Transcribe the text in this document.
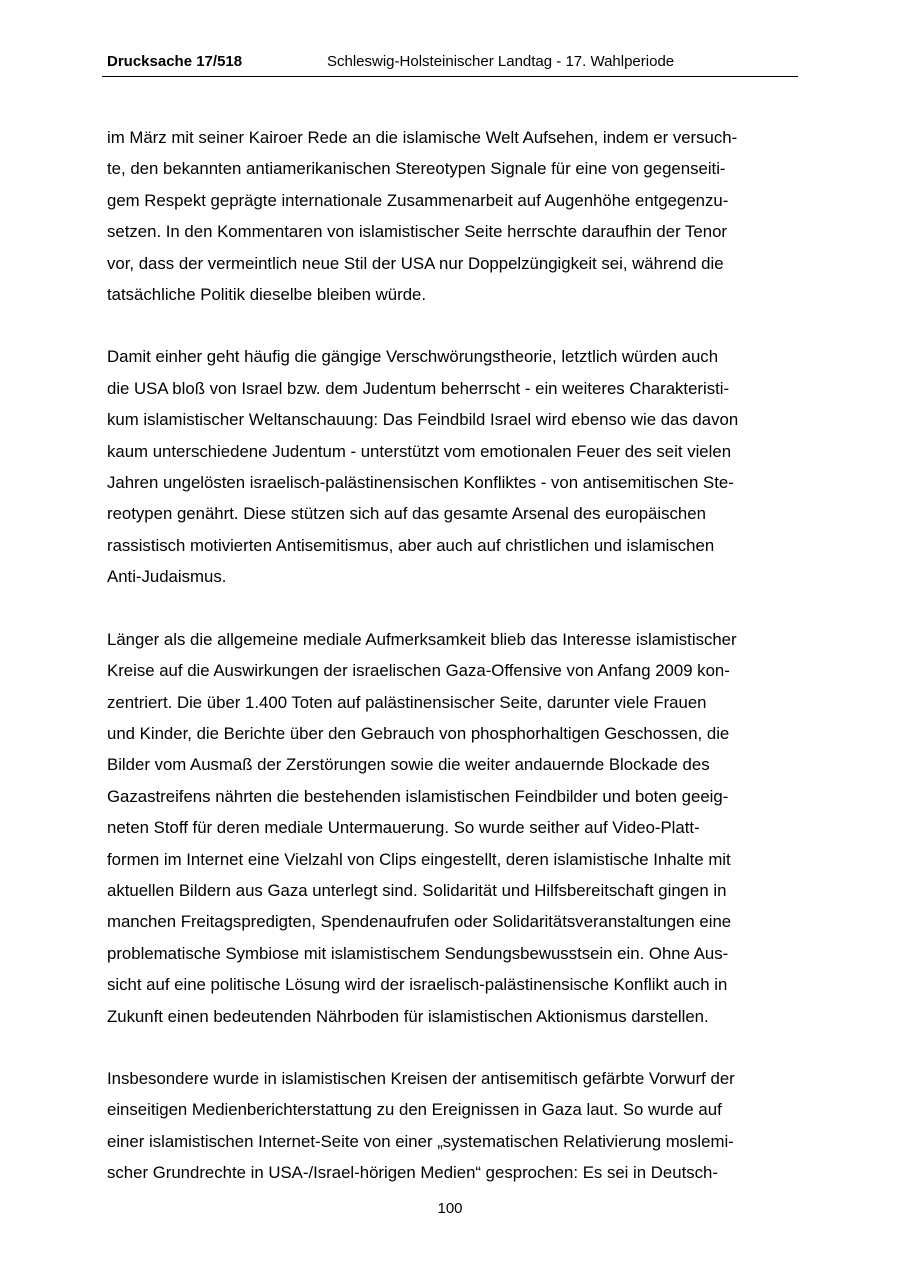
Drucksache 17/518	Schleswig-Holsteinischer Landtag - 17. Wahlperiode

im März mit seiner Kairoer Rede an die islamische Welt Aufsehen, indem er versuch-
te, den bekannten antiamerikanischen Stereotypen Signale für eine von gegenseiti-
gem Respekt geprägte internationale Zusammenarbeit auf Augenhöhe entgegenzu-
setzen. In den Kommentaren von islamistischer Seite herrschte daraufhin der Tenor
vor, dass der vermeintlich neue Stil der USA nur Doppelzüngigkeit sei, während die
tatsächliche Politik dieselbe bleiben würde.

Damit einher geht häufig die gängige Verschwörungstheorie, letztlich würden auch
die USA bloß von Israel bzw. dem Judentum beherrscht - ein weiteres Charakteristi-
kum islamistischer Weltanschauung: Das Feindbild Israel wird ebenso wie das davon
kaum unterschiedene Judentum - unterstützt vom emotionalen Feuer des seit vielen
Jahren ungelösten israelisch-palästinensischen Konfliktes - von antisemitischen Ste-
reotypen genährt. Diese stützen sich auf das gesamte Arsenal des europäischen
rassistisch motivierten Antisemitismus, aber auch auf christlichen und islamischen
Anti-Judaismus.

Länger als die allgemeine mediale Aufmerksamkeit blieb das Interesse islamistischer
Kreise auf die Auswirkungen der israelischen Gaza-Offensive von Anfang 2009 kon-
zentriert. Die über 1.400 Toten auf palästinensischer Seite, darunter viele Frauen
und Kinder, die Berichte über den Gebrauch von phosphorhaltigen Geschossen, die
Bilder vom Ausmaß der Zerstörungen sowie die weiter andauernde Blockade des
Gazastreifens nährten die bestehenden islamistischen Feindbilder und boten geeig-
neten Stoff für deren mediale Untermauerung. So wurde seither auf Video-Platt-
formen im Internet eine Vielzahl von Clips eingestellt, deren islamistische Inhalte mit
aktuellen Bildern aus Gaza unterlegt sind. Solidarität und Hilfsbereitschaft gingen in
manchen Freitagspredigten, Spendenaufrufen oder Solidaritätsveranstaltungen eine
problematische Symbiose mit islamistischem Sendungsbewusstsein ein. Ohne Aus-
sicht auf eine politische Lösung wird der israelisch-palästinensische Konflikt auch in
Zukunft einen bedeutenden Nährboden für islamistischen Aktionismus darstellen.

Insbesondere wurde in islamistischen Kreisen der antisemitisch gefärbte Vorwurf der
einseitigen Medienberichterstattung zu den Ereignissen in Gaza laut. So wurde auf
einer islamistischen Internet-Seite von einer „systematischen Relativierung moslemi-
scher Grundrechte in USA-/Israel-hörigen Medien“ gesprochen: Es sei in Deutsch-

100
